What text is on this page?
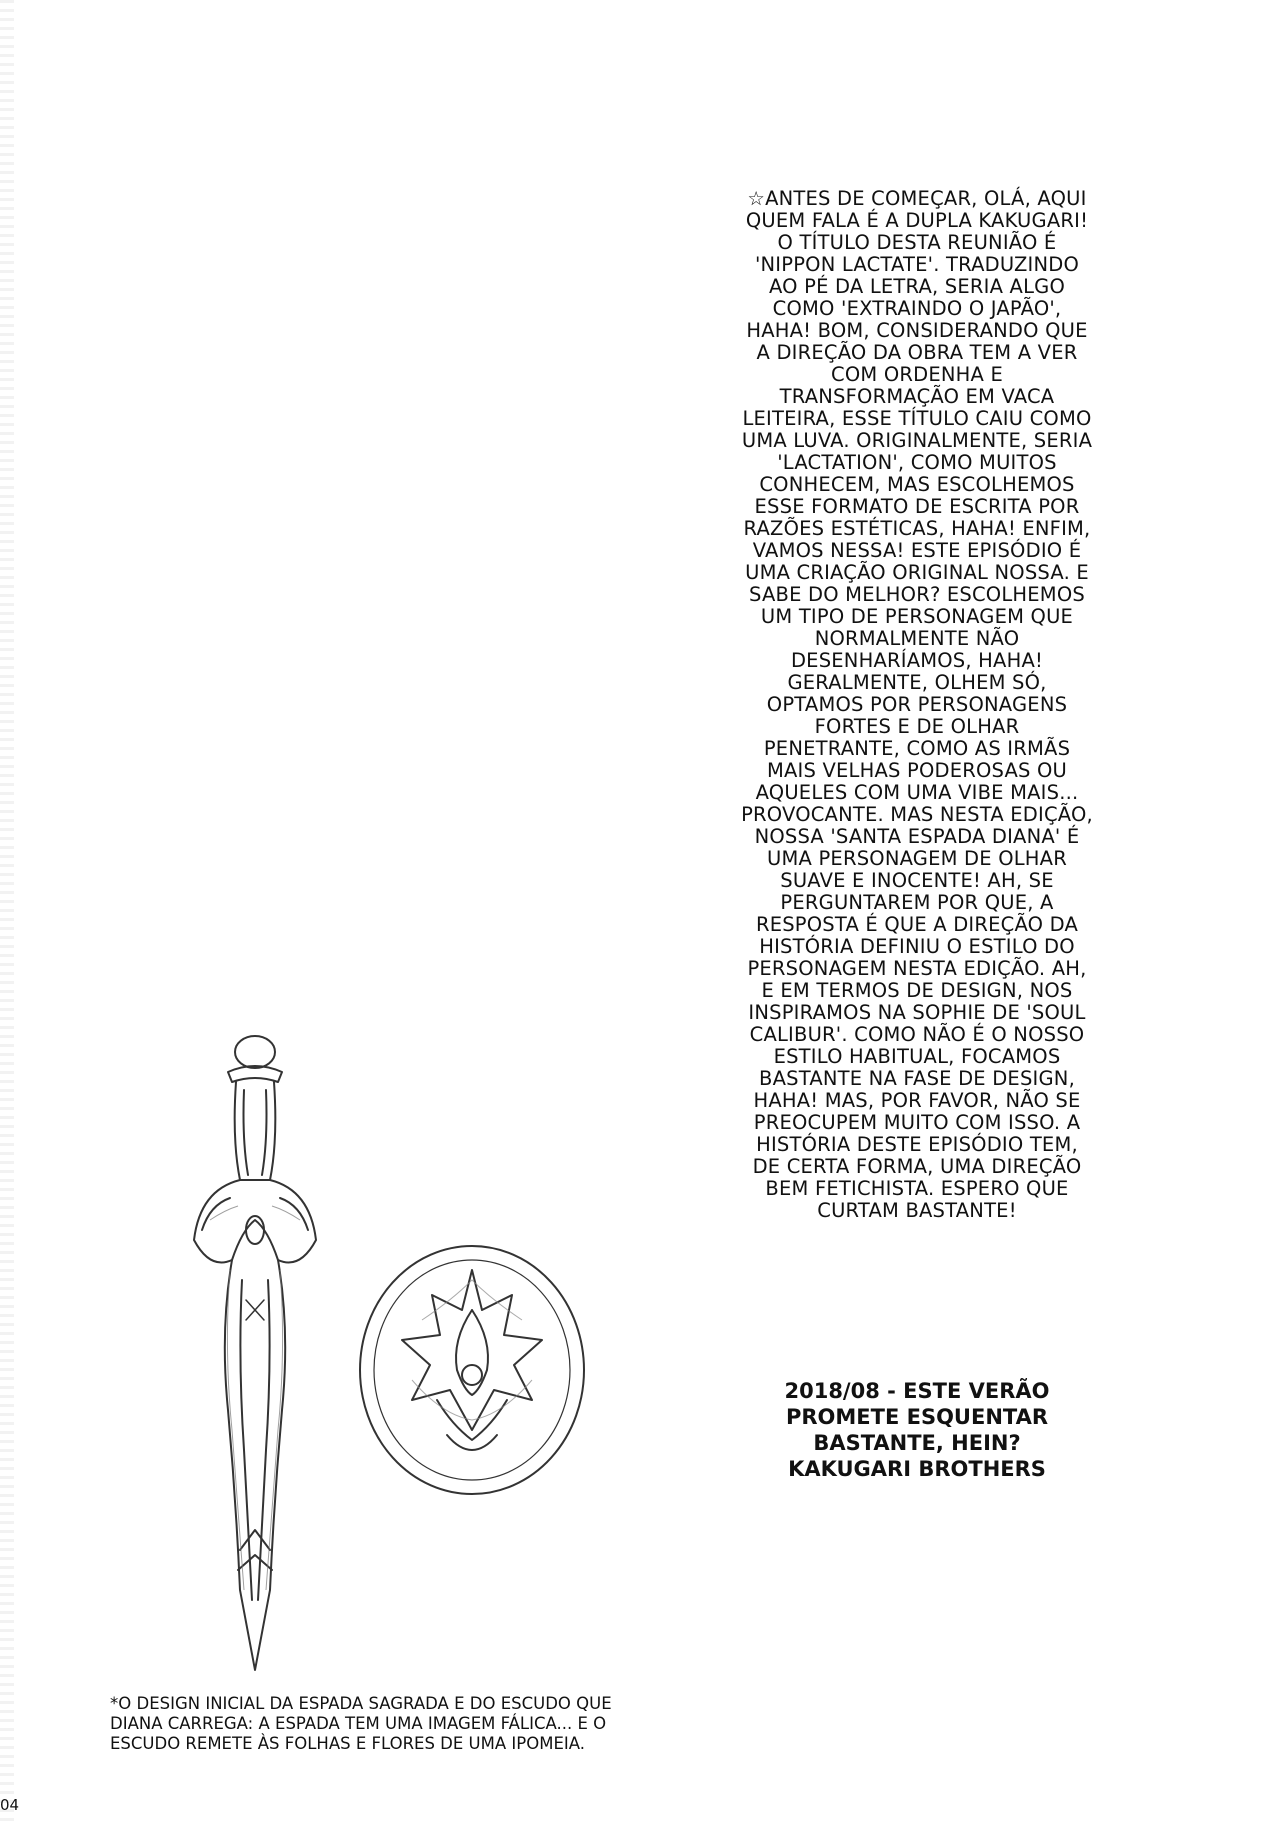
☆ANTES DE COMEÇAR, OLÁ, AQUI
QUEM FALA É A DUPLA KAKUGARI!
O TÍTULO DESTA REUNIÃO É
'NIPPON LACTATE'. TRADUZINDO
AO PÉ DA LETRA, SERIA ALGO
COMO 'EXTRAINDO O JAPÃO',
HAHA! BOM, CONSIDERANDO QUE
A DIREÇÃO DA OBRA TEM A VER
COM ORDENHA E
TRANSFORMAÇÃO EM VACA
LEITEIRA, ESSE TÍTULO CAIU COMO
UMA LUVA. ORIGINALMENTE, SERIA
'LACTATION', COMO MUITOS
CONHECEM, MAS ESCOLHEMOS
ESSE FORMATO DE ESCRITA POR
RAZÕES ESTÉTICAS, HAHA! ENFIM,
VAMOS NESSA! ESTE EPISÓDIO É
UMA CRIAÇÃO ORIGINAL NOSSA. E
SABE DO MELHOR? ESCOLHEMOS
UM TIPO DE PERSONAGEM QUE
NORMALMENTE NÃO
DESENHARÍAMOS, HAHA!
GERALMENTE, OLHEM SÓ,
OPTAMOS POR PERSONAGENS
FORTES E DE OLHAR
PENETRANTE, COMO AS IRMÃS
MAIS VELHAS PODEROSAS OU
AQUELES COM UMA VIBE MAIS...
PROVOCANTE. MAS NESTA EDIÇÃO,
NOSSA 'SANTA ESPADA DIANA' É
UMA PERSONAGEM DE OLHAR
SUAVE E INOCENTE! AH, SE
PERGUNTAREM POR QUE, A
RESPOSTA É QUE A DIREÇÃO DA
HISTÓRIA DEFINIU O ESTILO DO
PERSONAGEM NESTA EDIÇÃO. AH,
E EM TERMOS DE DESIGN, NOS
INSPIRAMOS NA SOPHIE DE 'SOUL
CALIBUR'. COMO NÃO É O NOSSO
ESTILO HABITUAL, FOCAMOS
BASTANTE NA FASE DE DESIGN,
HAHA! MAS, POR FAVOR, NÃO SE
PREOCUPEM MUITO COM ISSO. A
HISTÓRIA DESTE EPISÓDIO TEM,
DE CERTA FORMA, UMA DIREÇÃO
BEM FETICHISTA. ESPERO QUE
CURTAM BASTANTE!
2018/08 - ESTE VERÃO
PROMETE ESQUENTAR
BASTANTE, HEIN?
KAKUGARI BROTHERS
*O DESIGN INICIAL DA ESPADA SAGRADA E DO ESCUDO QUE
DIANA CARREGA: A ESPADA TEM UMA IMAGEM FÁLICA... E O
ESCUDO REMETE ÀS FOLHAS E FLORES DE UMA IPOMEIA.
04
